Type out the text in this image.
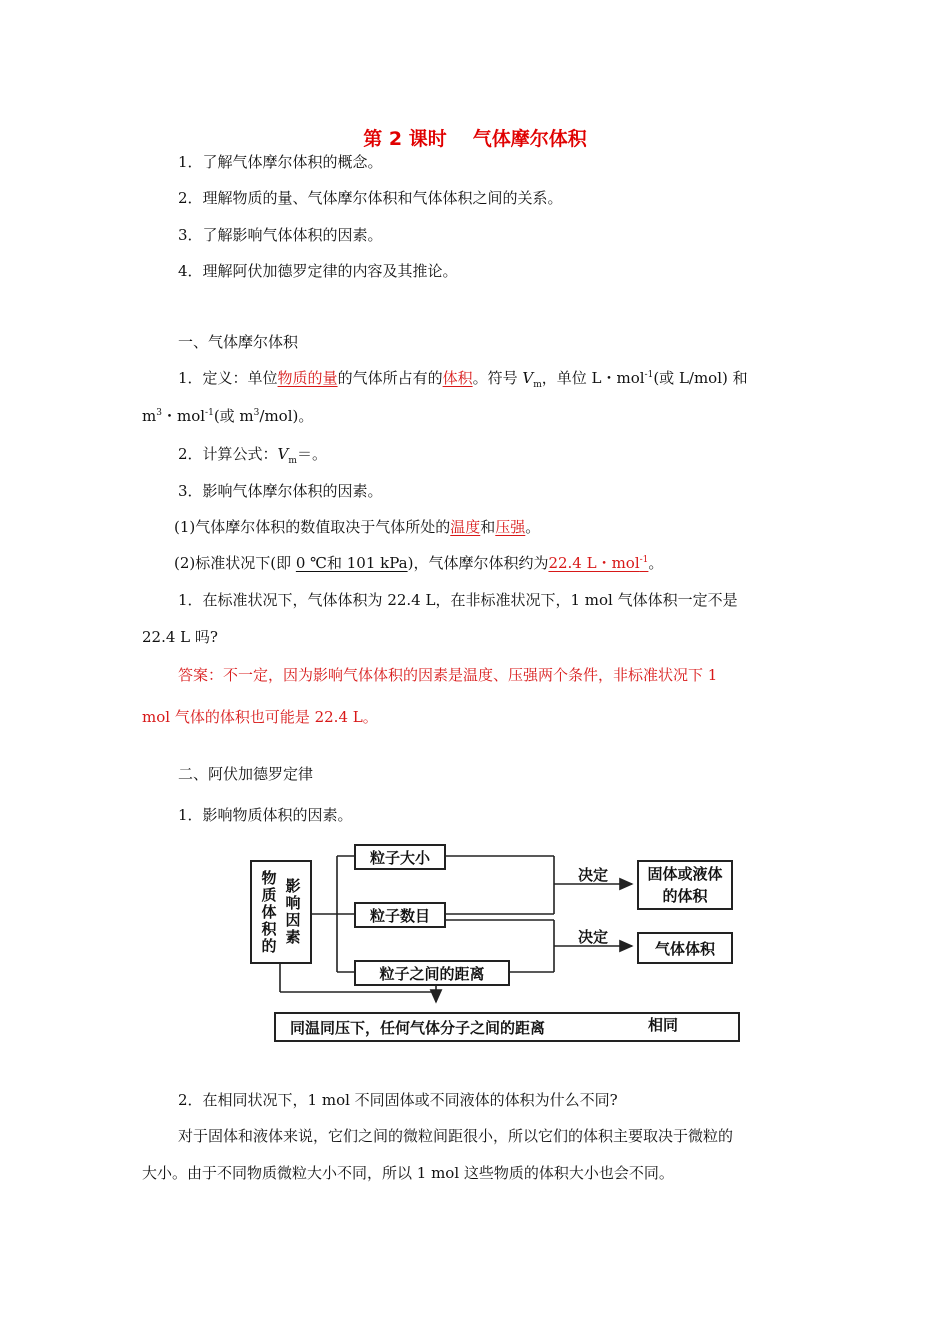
第 2 课时 气体摩尔体积
1．了解气体摩尔体积的概念。
2．理解物质的量、气体摩尔体积和气体体积之间的关系。
3．了解影响气体体积的因素。
4．理解阿伏加德罗定律的内容及其推论。
一、气体摩尔体积
1．定义：单位物质的量的气体所占有的体积。符号 $V_m$，单位 L・mol$^{-1}$(或 L/mol) 和
$m^3$・mol$^{-1}$(或 $m^3/mol$)。
2．计算公式：$V_m=$。
3．影响气体摩尔体积的因素。
(1)气体摩尔体积的数值取决于气体所处的温度和压强。
(2)标准状况下(即 0 ℃和 101 kPa)，气体摩尔体积约为22.4 L・mol$^{-1}$。
1．在标准状况下，气体体积为 22.4 L，在非标准状况下，1 mol 气体体积一定不是
22.4 L 吗?
答案：不一定，因为影响气体体积的因素是温度、压强两个条件，非标准状况下 1
mol 气体的体积也可能是 22.4 L。
二、阿伏加德罗定律
1．影响物质体积的因素。
影响因素
物质体积的
粒子大小
粒子数目
粒子之间的距离
决定
决定
固体或液体的体积
气体体积
同温同压下，任何气体分子之间的距离	相同
2．在相同状况下，1 mol 不同固体或不同液体的体积为什么不同?
对于固体和液体来说，它们之间的微粒间距很小，所以它们的体积主要取决于微粒的
大小。由于不同物质微粒大小不同，所以 1 mol 这些物质的体积大小也会不同。
